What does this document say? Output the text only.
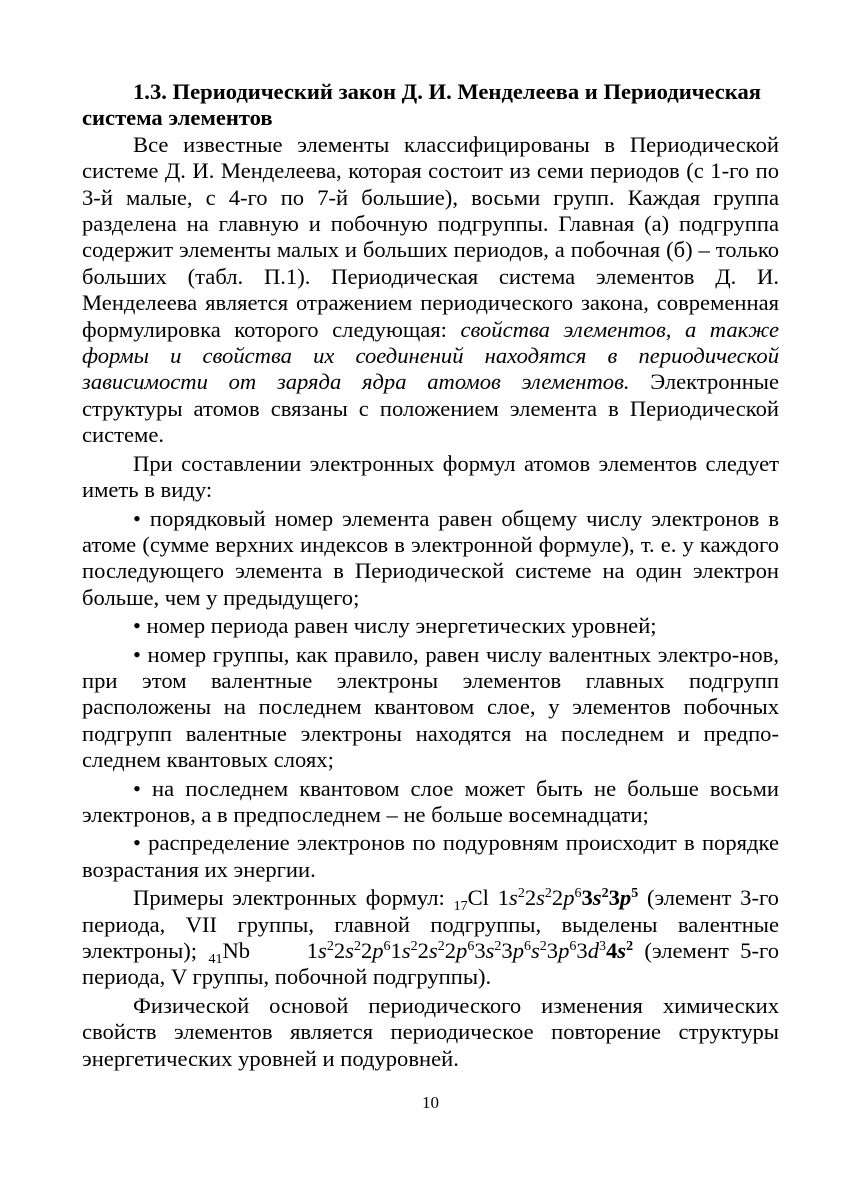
1.3. Периодический закон Д. И. Менделеева и Периодическая система элементов

Все известные элементы классифицированы в Периодической системе Д. И. Менделеева, которая состоит из семи периодов (с 1-го по 3-й малые, с 4-го по 7-й большие), восьми групп. Каждая группа разделена на главную и побочную подгруппы. Главная (а) подгруппа содержит элементы малых и больших периодов, а побочная (б) – только больших (табл. П.1). Периодическая система элементов Д. И. Менделеева является отражением периодического закона, современная формулировка которого следующая: свойства элементов, а также формы и свойства их соединений находятся в периодической зависимости от заряда ядра атомов элементов. Электронные структуры атомов связаны с положением элемента в Периодической системе.

При составлении электронных формул атомов элементов следует иметь в виду:

• порядковый номер элемента равен общему числу электронов в атоме (сумме верхних индексов в электронной формуле), т. е. у каждого последующего элемента в Периодической системе на один электрон больше, чем у предыдущего;

• номер периода равен числу энергетических уровней;

• номер группы, как правило, равен числу валентных электро-нов, при этом валентные электроны элементов главных подгрупп расположены на последнем квантовом слое, у элементов побочных подгрупп валентные электроны находятся на последнем и предпо-следнем квантовых слоях;

• на последнем квантовом слое может быть не больше восьми электронов, а в предпоследнем – не больше восемнадцати;

• распределение электронов по подуровням происходит в порядке возрастания их энергии.

Примеры электронных формул: $_{17}$Cl $1s^22s^22p^63s^23p^5$ (элемент 3-го периода, VII группы, главной подгруппы, выделены валентные электроны); $_{41}$Nb	$1s^22s^22p^61s^22s^22p^63s^23p^6s^23p^63d^34s^2$ (элемент 5-го периода, V группы, побочной подгруппы).

Физической основой периодического изменения химических свойств элементов является периодическое повторение структуры энергетических уровней и подуровней.

10
